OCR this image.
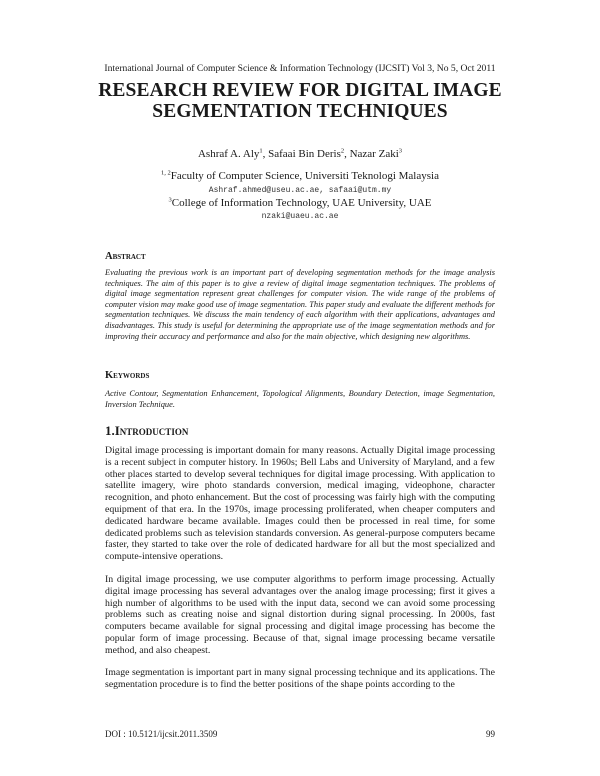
International Journal of Computer Science & Information Technology (IJCSIT) Vol 3, No 5, Oct 2011
RESEARCH REVIEW FOR DIGITAL IMAGE
SEGMENTATION TECHNIQUES
Ashraf A. Aly$^1$, Safaai Bin Deris$^2$, Nazar Zaki$^3$
$^{1, 2}$Faculty of Computer Science, Universiti Teknologi Malaysia
Ashraf.ahmed@useu.ac.ae, safaai@utm.my
$^3$College of Information Technology, UAE University, UAE
nzaki@uaeu.ac.ae
Abstract
Evaluating the previous work is an important part of developing segmentation methods for the image analysis techniques. The aim of this paper is to give a review of digital image segmentation techniques. The problems of digital image segmentation represent great challenges for computer vision. The wide range of the problems of computer vision may make good use of image segmentation. This paper study and evaluate the different methods for segmentation techniques. We discuss the main tendency of each algorithm with their applications, advantages and disadvantages. This study is useful for determining the appropriate use of the image segmentation methods and for improving their accuracy and performance and also for the main objective, which designing new algorithms.
Keywords
Active Contour, Segmentation Enhancement, Topological Alignments, Boundary Detection, image Segmentation, Inversion Technique.
1.Introduction
Digital image processing is important domain for many reasons. Actually Digital image processing is a recent subject in computer history. In 1960s; Bell Labs and University of Maryland, and a few other places started to develop several techniques for digital image processing. With application to satellite imagery, wire photo standards conversion, medical imaging, videophone, character recognition, and photo enhancement. But the cost of processing was fairly high with the computing equipment of that era. In the 1970s, image processing proliferated, when cheaper computers and dedicated hardware became available. Images could then be processed in real time, for some dedicated problems such as television standards conversion. As general-purpose computers became faster, they started to take over the role of dedicated hardware for all but the most specialized and compute-intensive operations.
In digital image processing, we use computer algorithms to perform image processing. Actually digital image processing has several advantages over the analog image processing; first it gives a high number of algorithms to be used with the input data, second we can avoid some processing problems such as creating noise and signal distortion during signal processing. In 2000s, fast computers became available for signal processing and digital image processing has become the popular form of image processing. Because of that, signal image processing became versatile method, and also cheapest.
Image segmentation is important part in many signal processing technique and its applications. The segmentation procedure is to find the better positions of the shape points according to the
DOI : 10.5121/ijcsit.2011.3509	99
